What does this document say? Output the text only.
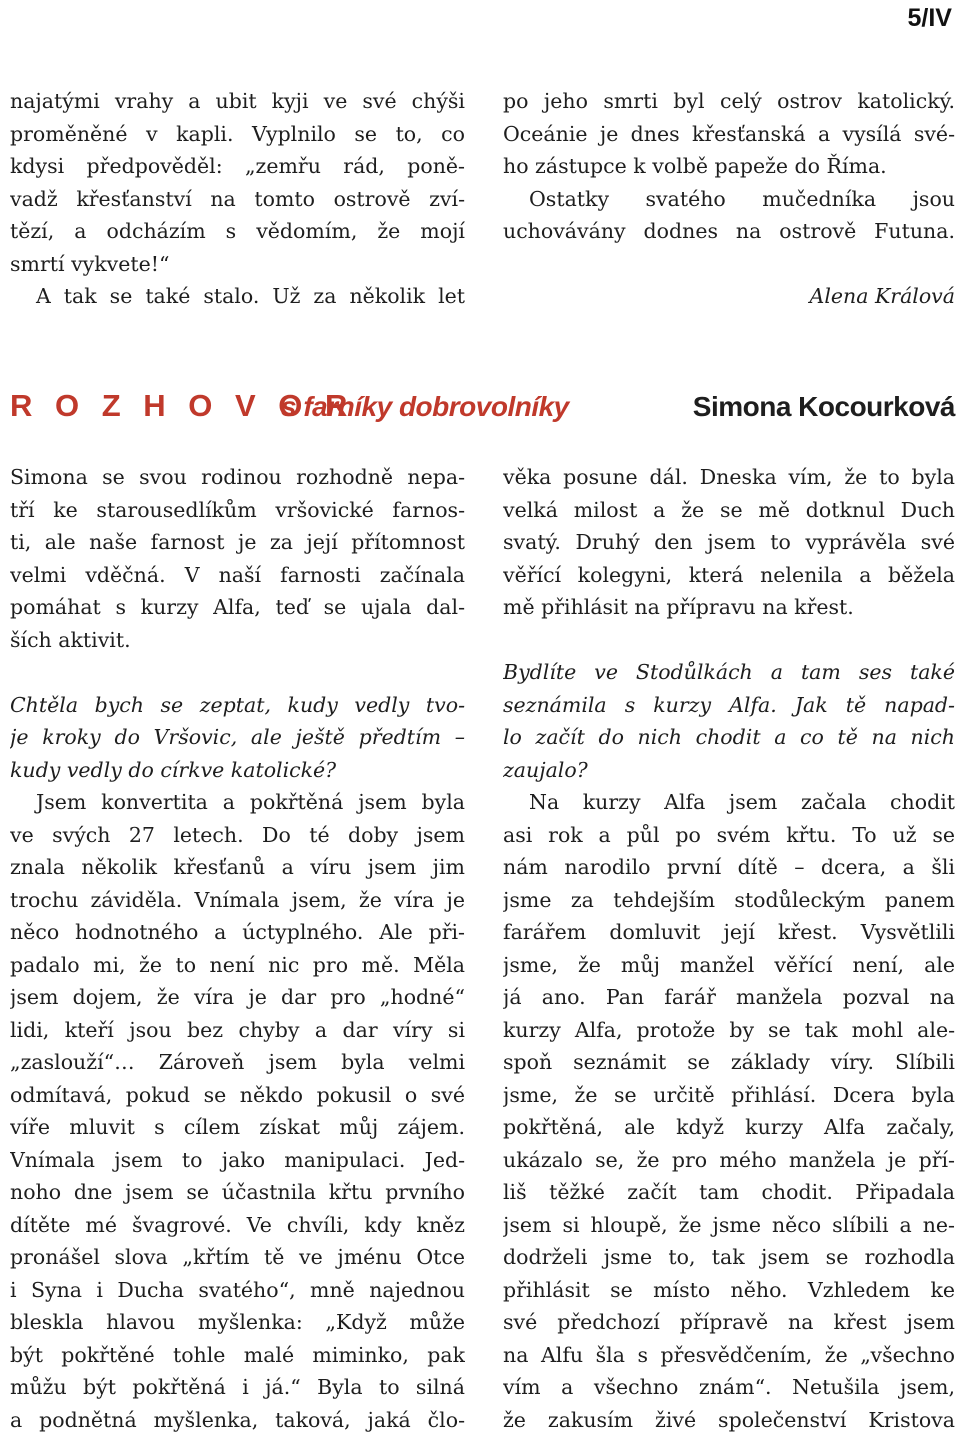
5/IV
najatými vrahy a ubit kyji ve své chýši
proměněné v kapli. Vyplnilo se to, co
kdysi předpověděl: „zemřu rád, poně-
vadž křesťanství na tomto ostrově zví-
tězí, a odcházím s vědomím, že mojí
smrtí vykvete!“
A tak se také stalo. Už za několik let
po jeho smrti byl celý ostrov katolický.
Oceánie je dnes křesťanská a vysílá své-
ho zástupce k volbě papeže do Říma.
Ostatky svatého mučedníka jsou
uchovávány dodnes na ostrově Futuna.
Alena Králová
R O Z H O V O R
s farníky dobrovolníky	Simona Kocourková
Simona se svou rodinou rozhodně nepa-
tří ke starousedlíkům vršovické farnos-
ti, ale naše farnost je za její přítomnost
velmi vděčná. V naší farnosti začínala
pomáhat s kurzy Alfa, teď se ujala dal-
ších aktivit.
Chtěla bych se zeptat, kudy vedly tvo-
je kroky do Vršovic, ale ještě předtím –
kudy vedly do církve katolické?
Jsem konvertita a pokřtěná jsem byla
ve svých 27 letech. Do té doby jsem
znala několik křesťanů a víru jsem jim
trochu záviděla. Vnímala jsem, že víra je
něco hodnotného a úctyplného. Ale při-
padalo mi, že to není nic pro mě. Měla
jsem dojem, že víra je dar pro „hodné“
lidi, kteří jsou bez chyby a dar víry si
„zaslouží“… Zároveň jsem byla velmi
odmítavá, pokud se někdo pokusil o své
víře mluvit s cílem získat můj zájem.
Vnímala jsem to jako manipulaci. Jed-
noho dne jsem se účastnila křtu prvního
dítěte mé švagrové. Ve chvíli, kdy kněz
pronášel slova „křtím tě ve jménu Otce
i Syna i Ducha svatého“, mně najednou
bleskla hlavou myšlenka: „Když může
být pokřtěné tohle malé miminko, pak
můžu být pokřtěná i já.“ Byla to silná
a podnětná myšlenka, taková, jaká člo-
věka posune dál. Dneska vím, že to byla
velká milost a že se mě dotknul Duch
svatý. Druhý den jsem to vyprávěla své
věřící kolegyni, která nelenila a běžela
mě přihlásit na přípravu na křest.
Bydlíte ve Stodůlkách a tam ses také
seznámila s kurzy Alfa. Jak tě napad-
lo začít do nich chodit a co tě na nich
zaujalo?
Na kurzy Alfa jsem začala chodit
asi rok a půl po svém křtu. To už se
nám narodilo první dítě – dcera, a šli
jsme za tehdejším stodůleckým panem
farářem domluvit její křest. Vysvětlili
jsme, že můj manžel věřící není, ale
já ano. Pan farář manžela pozval na
kurzy Alfa, protože by se tak mohl ale-
spoň seznámit se základy víry. Slíbili
jsme, že se určitě přihlásí. Dcera byla
pokřtěná, ale když kurzy Alfa začaly,
ukázalo se, že pro mého manžela je pří-
liš těžké začít tam chodit. Připadala
jsem si hloupě, že jsme něco slíbili a ne-
dodrželi jsme to, tak jsem se rozhodla
přihlásit se místo něho. Vzhledem ke
své předchozí přípravě na křest jsem
na Alfu šla s přesvědčením, že „všechno
vím a všechno znám“. Netušila jsem,
že zakusím živé společenství Kristova
